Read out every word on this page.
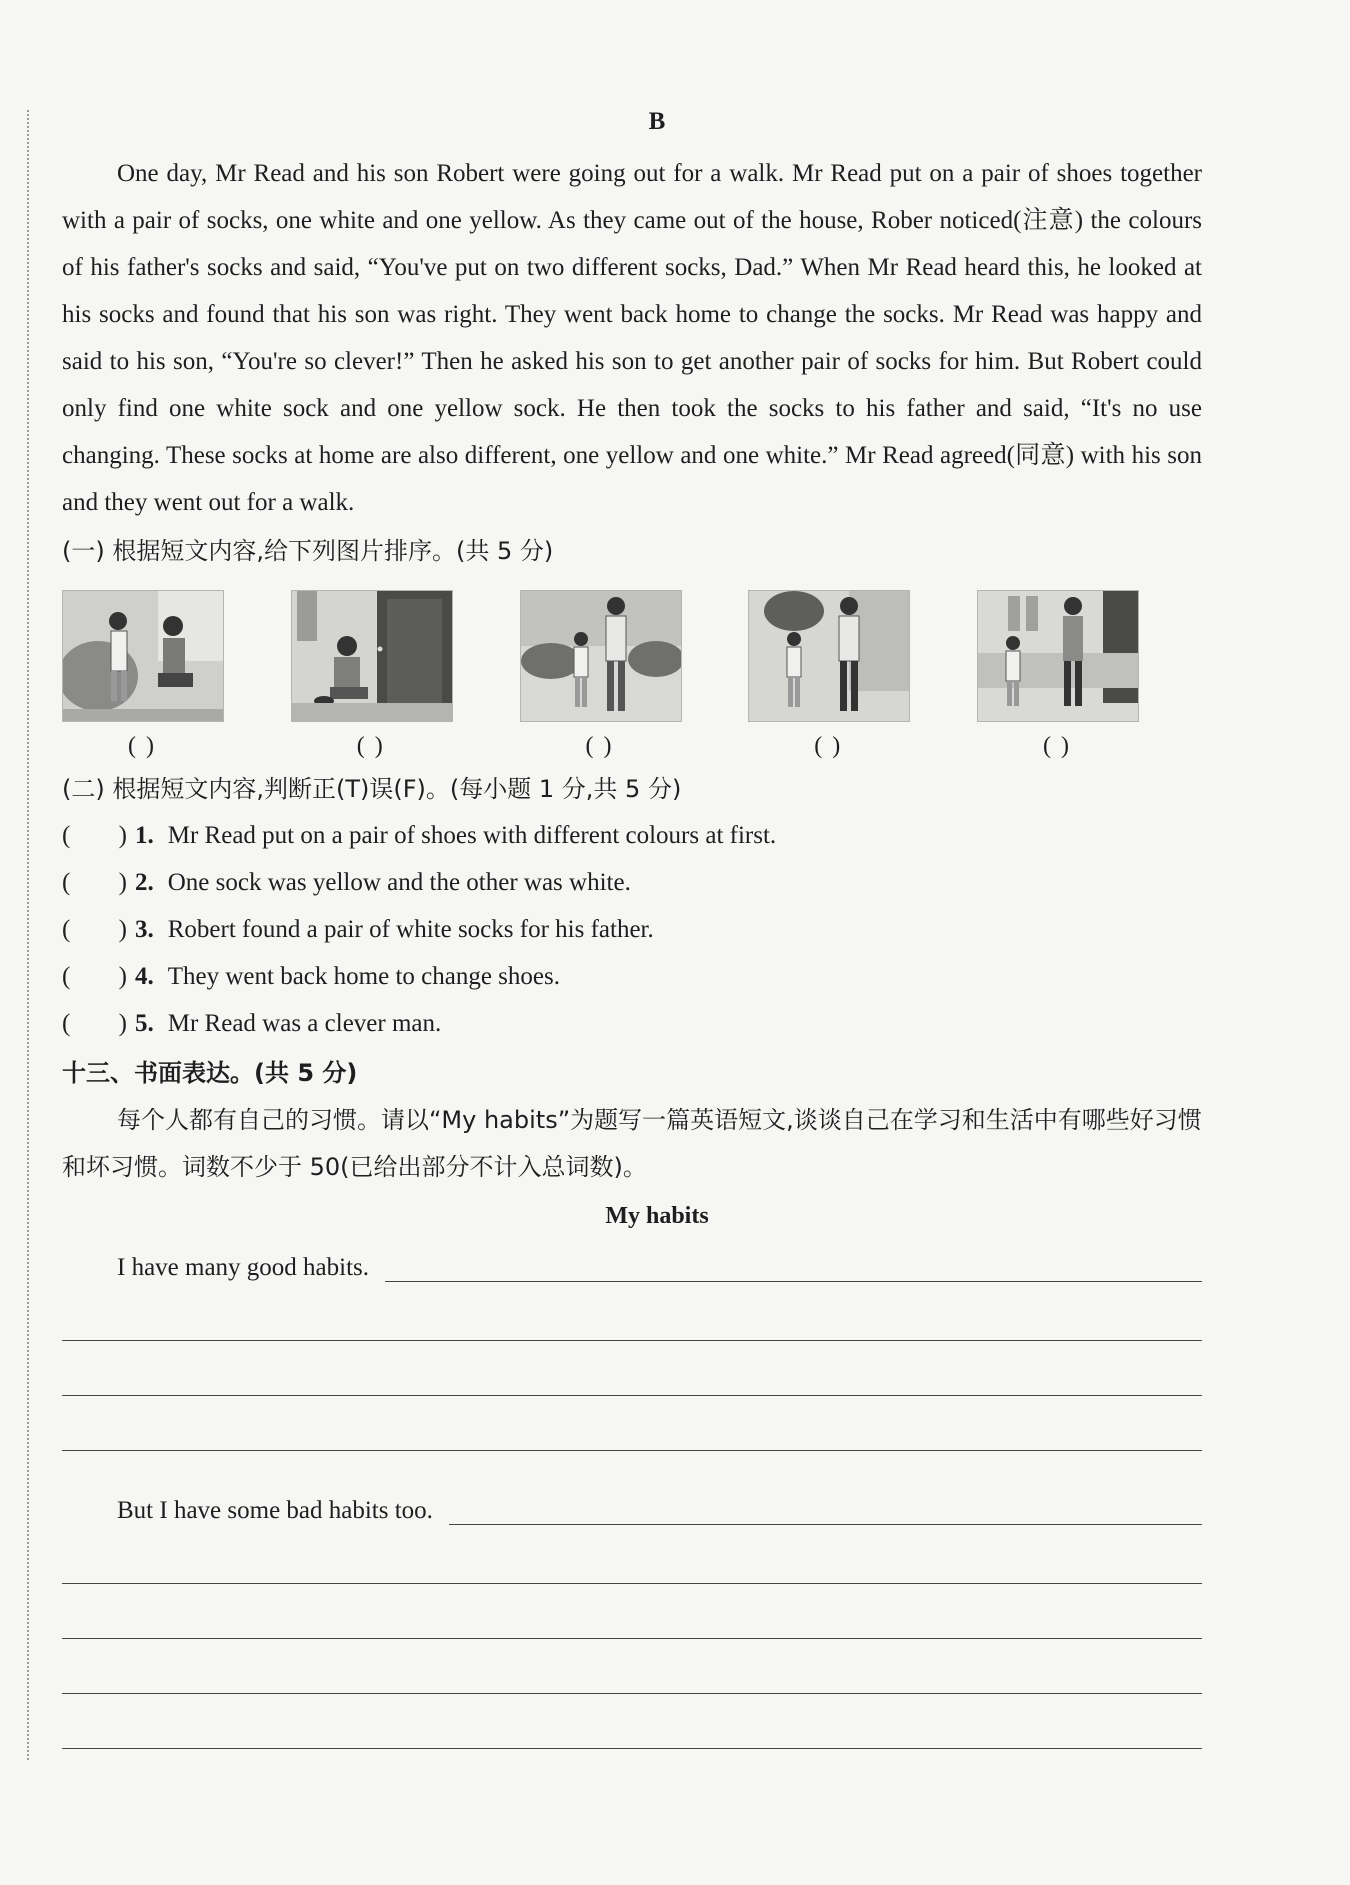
B

One day, Mr Read and his son Robert were going out for a walk. Mr Read put on a pair of shoes together with a pair of socks, one white and one yellow. As they came out of the house, Rober noticed(注意) the colours of his father's socks and said, “You've put on two different socks, Dad.” When Mr Read heard this, he looked at his socks and found that his son was right. They went back home to change the socks. Mr Read was happy and said to his son, “You're so clever!” Then he asked his son to get another pair of socks for him. But Robert could only find one white sock and one yellow sock. He then took the socks to his father and said, “It's no use changing. These socks at home are also different, one yellow and one white.” Mr Read agreed(同意) with his son and they went out for a walk.

(一) 根据短文内容,给下列图片排序。(共 5 分)
( )	( )	( )	( )	( )
(二) 根据短文内容,判断正(T)误(F)。(每小题 1 分,共 5 分)
( ) 1. Mr Read put on a pair of shoes with different colours at first.
( ) 2. One sock was yellow and the other was white.
( ) 3. Robert found a pair of white socks for his father.
( ) 4. They went back home to change shoes.
( ) 5. Mr Read was a clever man.
十三、书面表达。(共 5 分)
每个人都有自己的习惯。请以“My habits”为题写一篇英语短文,谈谈自己在学习和生活中有哪些好习惯和坏习惯。词数不少于 50(已给出部分不计入总词数)。
My habits
I have many good habits.
But I have some bad habits too.
